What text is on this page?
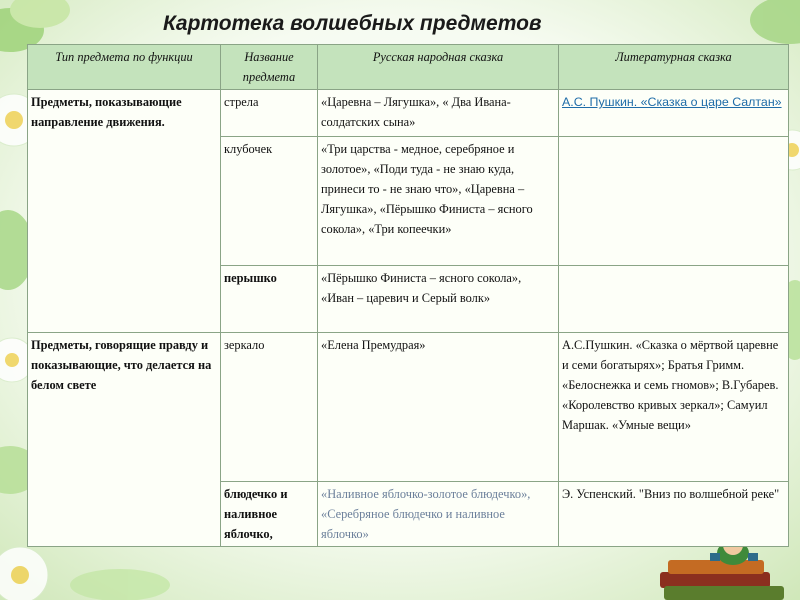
Картотека волшебных предметов
Тип предмета по функции	Название предмета	Русская народная сказка	Литературная сказка
Предметы, показывающие направление движения.	стрела	«Царевна – Лягушка», « Два Ивана-солдатских сына»	А.С. Пушкин. «Сказка о царе Салтан»
	клубочек	«Три царства - медное, серебряное и золотое», «Поди туда - не знаю куда, принеси то - не знаю что», «Царевна – Лягушка», «Пёрышко Финиста – ясного сокола», «Три копеечки»	
	перышко	«Пёрышко Финиста – ясного сокола», «Иван – царевич и Серый волк»	
Предметы, говорящие правду и показывающие, что делается на белом свете	зеркало	«Елена Премудрая»	А.С.Пушкин. «Сказка о мёртвой царевне и семи богатырях»; Братья Гримм. «Белоснежка и семь гномов»; В.Губарев. «Королевство кривых зеркал»; Самуил Маршак. «Умные вещи»
	блюдечко и наливное яблочко,	«Наливное яблочко-золотое блюдечко», «Серебряное блюдечко и наливное яблочко»	Э. Успенский. "Вниз по волшебной реке"
